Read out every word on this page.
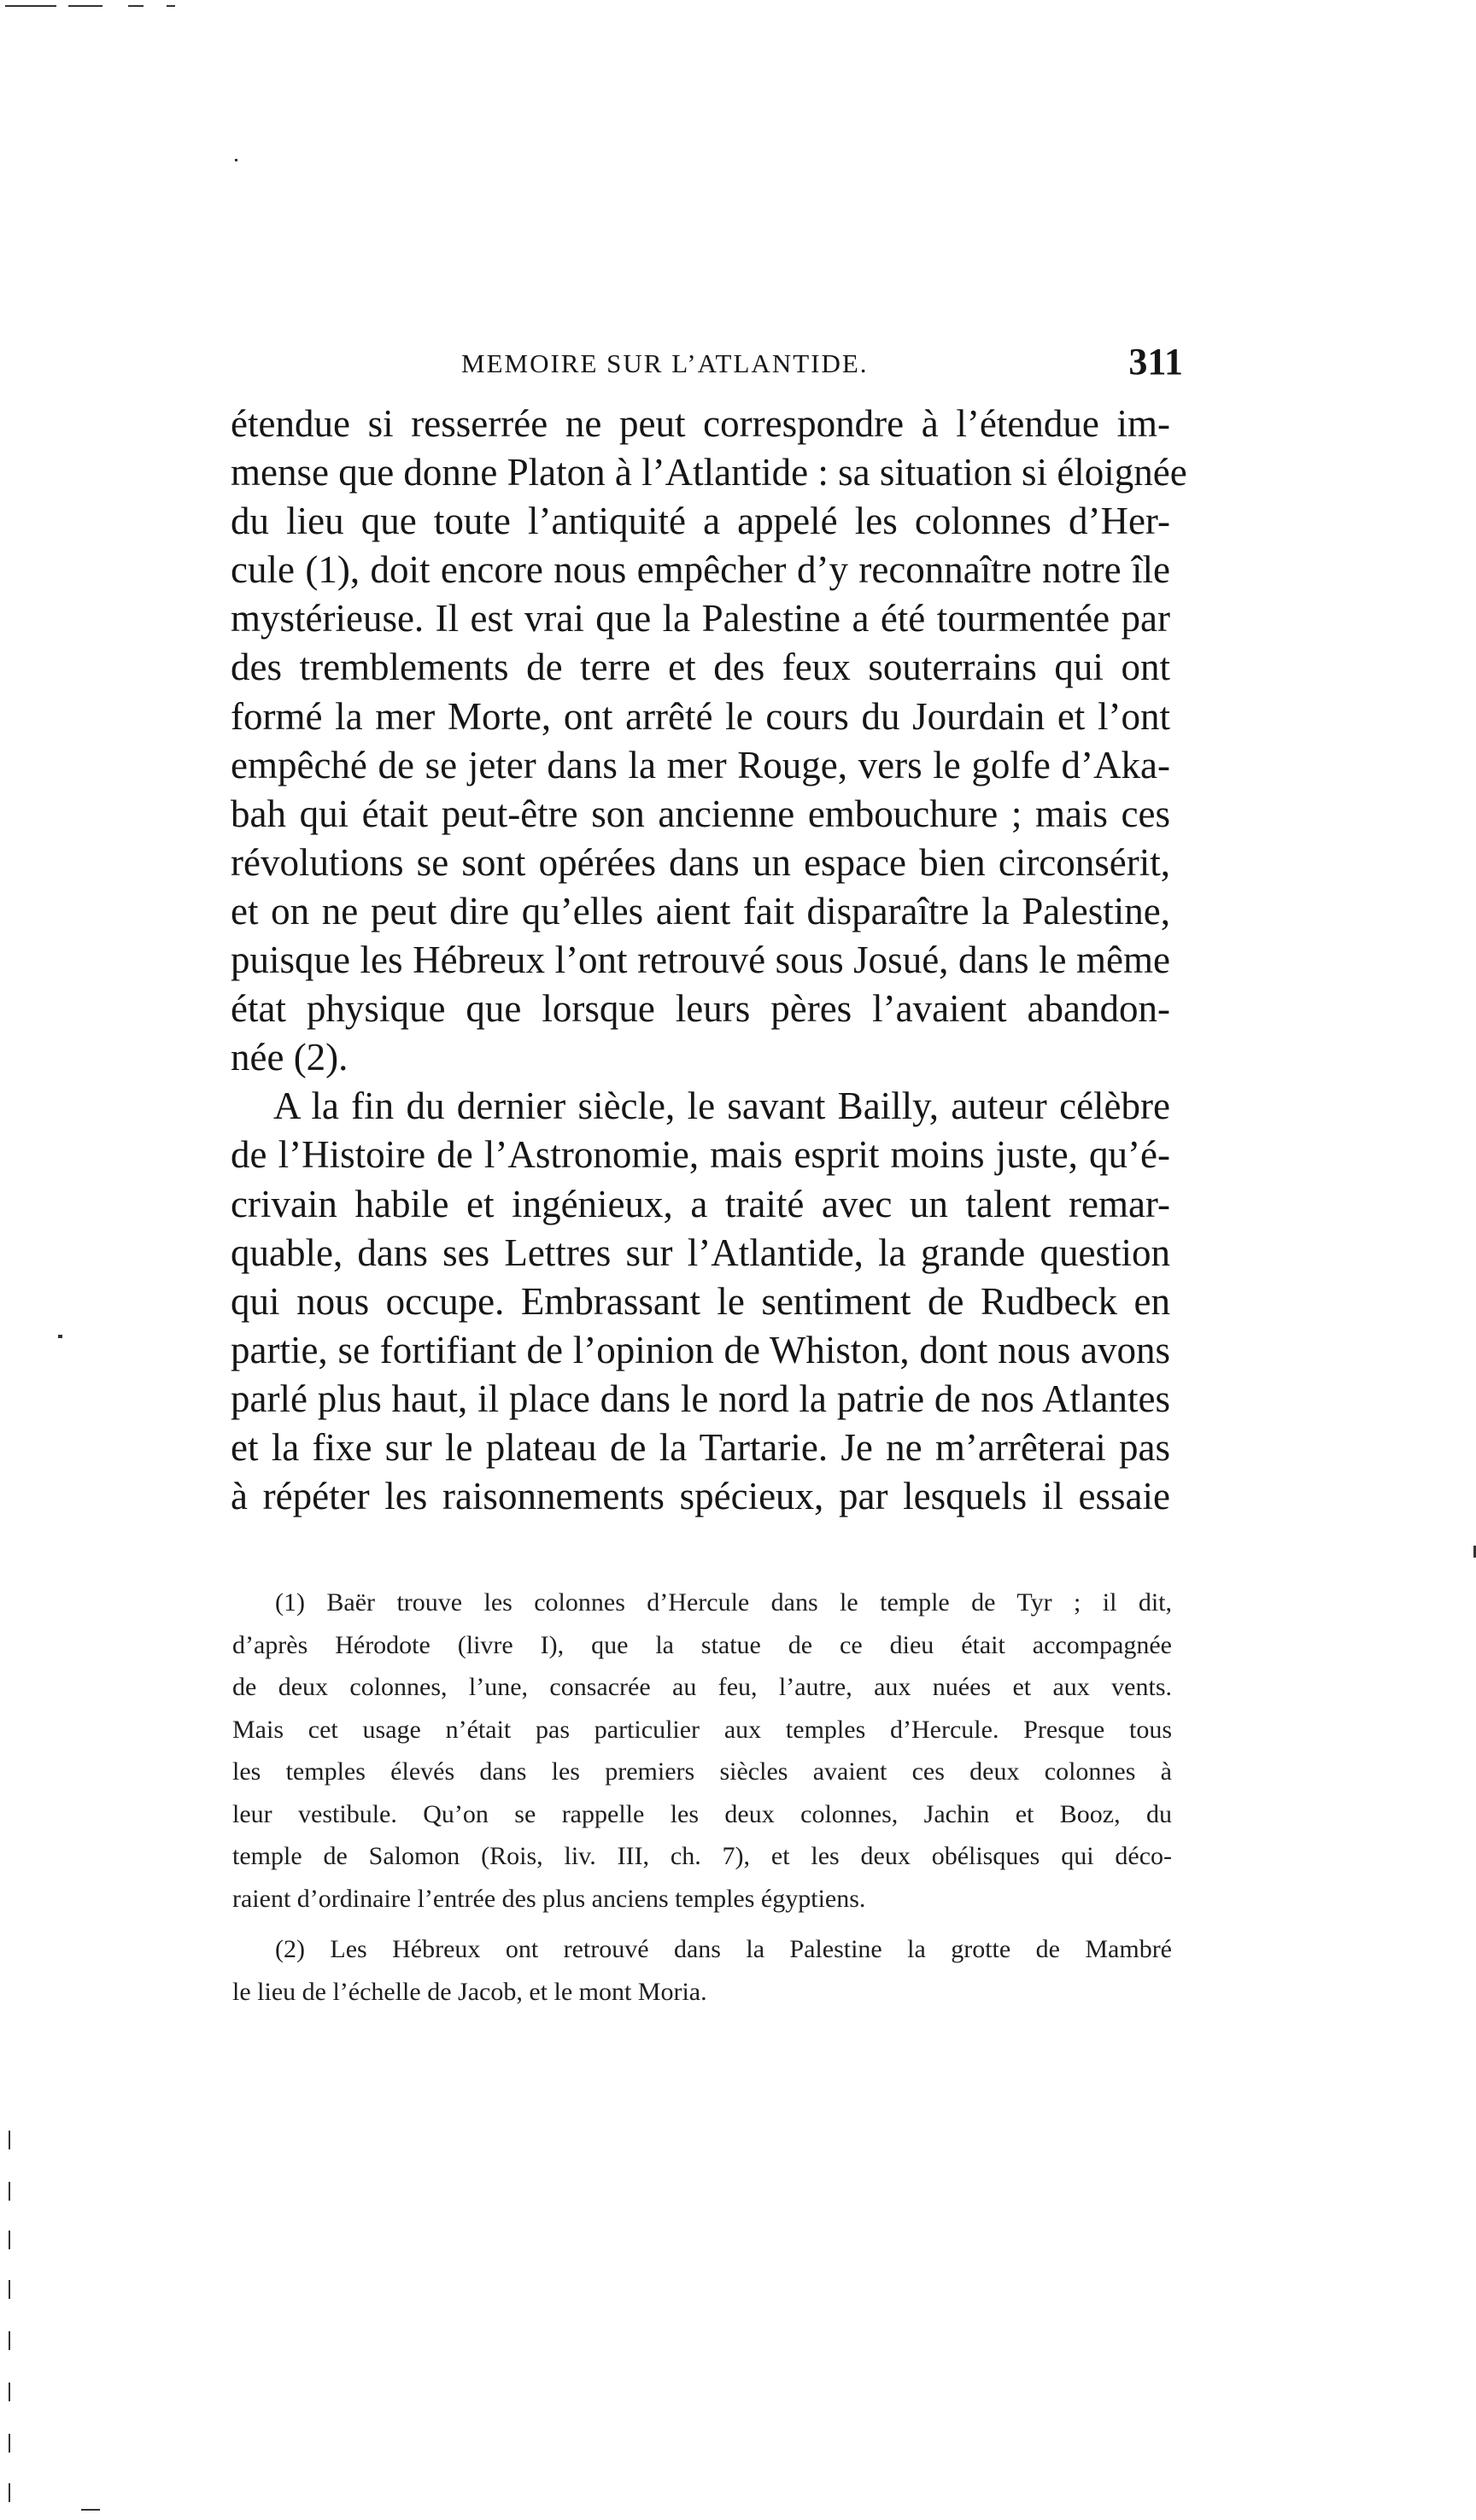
MEMOIRE SUR L’ATLANTIDE.	311
étendue si resserrée ne peut correspondre à l’étendue im-
mense que donne Platon à l’Atlantide : sa situation si éloignée
du lieu que toute l’antiquité a appelé les colonnes d’Her-
cule (1), doit encore nous empêcher d’y reconnaître notre île
mystérieuse. Il est vrai que la Palestine a été tourmentée par
des tremblements de terre et des feux souterrains qui ont
formé la mer Morte, ont arrêté le cours du Jourdain et l’ont
empêché de se jeter dans la mer Rouge, vers le golfe d’Aka-
bah qui était peut-être son ancienne embouchure ; mais ces
révolutions se sont opérées dans un espace bien circonsérit,
et on ne peut dire qu’elles aient fait disparaître la Palestine,
puisque les Hébreux l’ont retrouvé sous Josué, dans le même
état physique que lorsque leurs pères l’avaient abandon-
née (2).
A la fin du dernier siècle, le savant Bailly, auteur célèbre
de l’Histoire de l’Astronomie, mais esprit moins juste, qu’é-
crivain habile et ingénieux, a traité avec un talent remar-
quable, dans ses Lettres sur l’Atlantide, la grande question
qui nous occupe. Embrassant le sentiment de Rudbeck en
partie, se fortifiant de l’opinion de Whiston, dont nous avons
parlé plus haut, il place dans le nord la patrie de nos Atlantes
et la fixe sur le plateau de la Tartarie. Je ne m’arrêterai pas
à répéter les raisonnements spécieux, par lesquels il essaie
(1) Baër trouve les colonnes d’Hercule dans le temple de Tyr ; il dit,
d’après Hérodote (livre I), que la statue de ce dieu était accompagnée
de deux colonnes, l’une, consacrée au feu, l’autre, aux nuées et aux vents.
Mais cet usage n’était pas particulier aux temples d’Hercule. Presque tous
les temples élevés dans les premiers siècles avaient ces deux colonnes à
leur vestibule. Qu’on se rappelle les deux colonnes, Jachin et Booz, du
temple de Salomon (Rois, liv. III, ch. 7), et les deux obélisques qui déco-
raient d’ordinaire l’entrée des plus anciens temples égyptiens.
(2) Les Hébreux ont retrouvé dans la Palestine la grotte de Mambré
le lieu de l’échelle de Jacob, et le mont Moria.
